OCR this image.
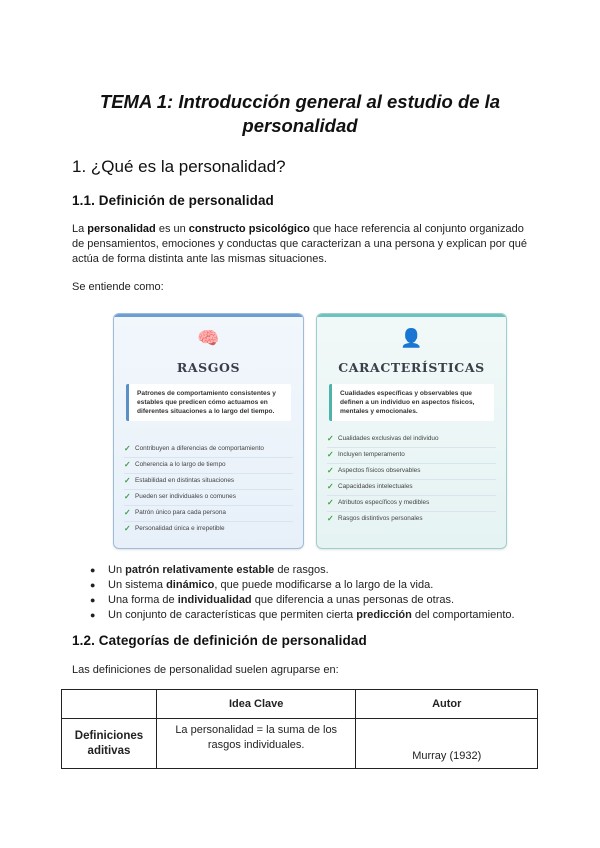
TEMA 1: Introducción general al estudio de la
personalidad
1. ¿Qué es la personalidad?
1.1. Definición de personalidad
La personalidad es un constructo psicológico que hace referencia al conjunto organizado de pensamientos, emociones y conductas que caracterizan a una persona y explican por qué actúa de forma distinta ante las mismas situaciones.
Se entiende como:
🧠
RASGOS
Patrones de comportamiento consistentes y estables que predicen cómo actuamos en diferentes situaciones a lo largo del tiempo.
✓ Contribuyen a diferencias de comportamiento
✓ Coherencia a lo largo de tiempo
✓ Estabilidad en distintas situaciones
✓ Pueden ser individuales o comunes
✓ Patrón único para cada persona
✓ Personalidad única e irrepetible
👤
CARACTERÍSTICAS
Cualidades específicas y observables que definen a un individuo en aspectos físicos, mentales y emocionales.
✓ Cualidades exclusivas del individuo
✓ Incluyen temperamento
✓ Aspectos físicos observables
✓ Capacidades intelectuales
✓ Atributos específicos y medibles
✓ Rasgos distintivos personales
● Un patrón relativamente estable de rasgos.
● Un sistema dinámico, que puede modificarse a lo largo de la vida.
● Una forma de individualidad que diferencia a unas personas de otras.
● Un conjunto de características que permiten cierta predicción del comportamiento.
1.2. Categorías de definición de personalidad
Las definiciones de personalidad suelen agruparse en:
	Idea Clave	Autor
Definiciones aditivas	La personalidad = la suma de los rasgos individuales.	Murray (1932)
